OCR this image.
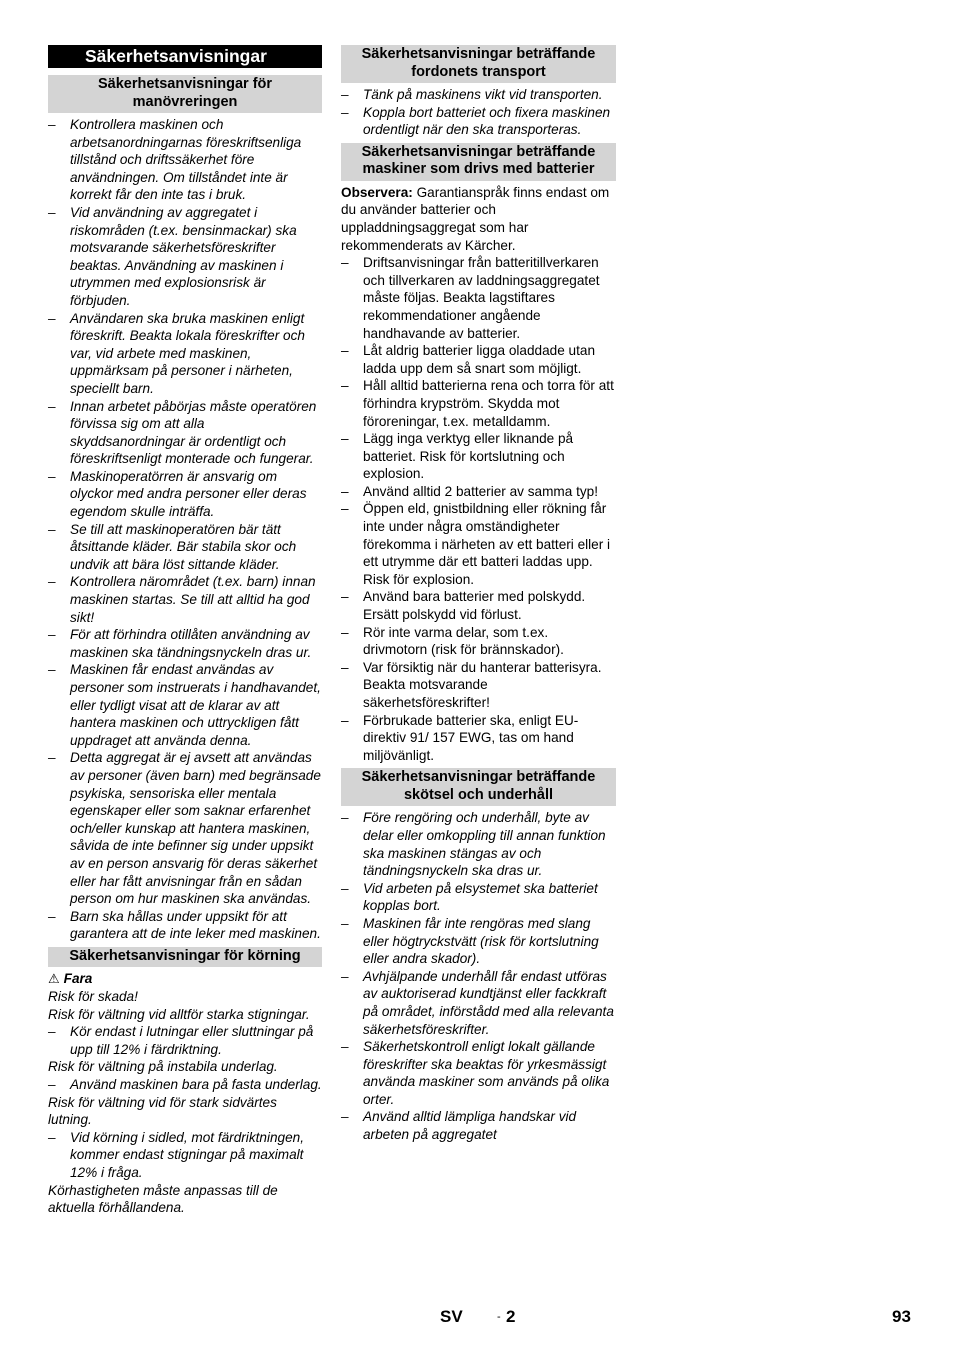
Säkerhetsanvisningar
Säkerhetsanvisningar för manövreringen
– Kontrollera maskinen och arbetsanordningarnas föreskriftsenliga tillstånd och driftssäkerhet före användningen. Om tillståndet inte är korrekt får den inte tas i bruk.
– Vid användning av aggregatet i riskområden (t.ex. bensinmackar) ska motsvarande säkerhetsföreskrifter beaktas. Användning av maskinen i utrymmen med explosionsrisk är förbjuden.
– Användaren ska bruka maskinen enligt föreskrift. Beakta lokala föreskrifter och var, vid arbete med maskinen, uppmärksam på personer i närheten, speciellt barn.
– Innan arbetet påbörjas måste operatören förvissa sig om att alla skyddsanordningar är ordentligt och föreskriftsenligt monterade och fungerar.
– Maskinoperatörren är ansvarig om olyckor med andra personer eller deras egendom skulle inträffa.
– Se till att maskinoperatören bär tätt åtsittande kläder. Bär stabila skor och undvik att bära löst sittande kläder.
– Kontrollera närområdet (t.ex. barn) innan maskinen startas. Se till att alltid ha god sikt!
– För att förhindra otillåten användning av maskinen ska tändningsnyckeln dras ur.
– Maskinen får endast användas av personer som instruerats i handhavandet, eller tydligt visat att de klarar av att hantera maskinen och uttryckligen fått uppdraget att använda denna.
– Detta aggregat är ej avsett att användas av personer (även barn) med begränsade psykiska, sensoriska eller mentala egenskaper eller som saknar erfarenhet och/eller kunskap att hantera maskinen, såvida de inte befinner sig under uppsikt av en person ansvarig för deras säkerhet eller har fått anvisningar från en sådan person om hur maskinen ska användas.
– Barn ska hållas under uppsikt för att garantera att de inte leker med maskinen.
Säkerhetsanvisningar för körning
⚠ Fara

Risk för skada!

Risk för vältning vid alltför starka stigningar.

– Kör endast i lutningar eller sluttningar på upp till 12% i färdriktning.

Risk för vältning på instabila underlag.

– Använd maskinen bara på fasta underlag.

Risk för vältning vid för stark sidvärtes lutning.

– Vid körning i sidled, mot färdriktningen, kommer endast stigningar på maximalt 12% i fråga.

Körhastigheten måste anpassas till de aktuella förhållandena.

Säkerhetsanvisningar beträffande fordonets transport
– Tänk på maskinens vikt vid transporten.
– Koppla bort batteriet och fixera maskinen ordentligt när den ska transporteras.
Säkerhetsanvisningar beträffande maskiner som drivs med batterier

Observera: Garantianspråk finns endast om du använder batterier och uppladdningsaggregat som har rekommenderats av Kärcher.

– Driftsanvisningar från batteritillverkaren och tillverkaren av laddningsaggregatet måste följas. Beakta lagstiftares rekommendationer angående handhavande av batterier.
– Låt aldrig batterier ligga oladdade utan ladda upp dem så snart som möjligt.
– Håll alltid batterierna rena och torra för att förhindra krypström. Skydda mot föroreningar, t.ex. metalldamm.
– Lägg inga verktyg eller liknande på batteriet. Risk för kortslutning och explosion.
– Använd alltid 2 batterier av samma typ!
– Öppen eld, gnistbildning eller rökning får inte under några omständigheter förekomma i närheten av ett batteri eller i ett utrymme där ett batteri laddas upp. Risk för explosion.
– Använd bara batterier med polskydd. Ersätt polskydd vid förlust.
– Rör inte varma delar, som t.ex. drivmotorn (risk för brännskador).
– Var försiktig när du hanterar batterisyra. Beakta motsvarande säkerhetsföreskrifter!
– Förbrukade batterier ska, enligt EU-direktiv 91/ 157 EWG, tas om hand miljövänligt.
Säkerhetsanvisningar beträffande skötsel och underhåll
– Före rengöring och underhåll, byte av delar eller omkoppling till annan funktion ska maskinen stängas av och tändningsnyckeln ska dras ur.
– Vid arbeten på elsystemet ska batteriet kopplas bort.
– Maskinen får inte rengöras med slang eller högtryckstvätt (risk för kortslutning eller andra skador).
– Avhjälpande underhåll får endast utföras av auktoriserad kundtjänst eller fackkraft på området, införstådd med alla relevanta säkerhetsföreskrifter.
– Säkerhetskontroll enligt lokalt gällande föreskrifter ska beaktas för yrkesmässigt använda maskiner som används på olika orter.
– Använd alltid lämpliga handskar vid arbeten på aggregatet
SV	- 2	93
